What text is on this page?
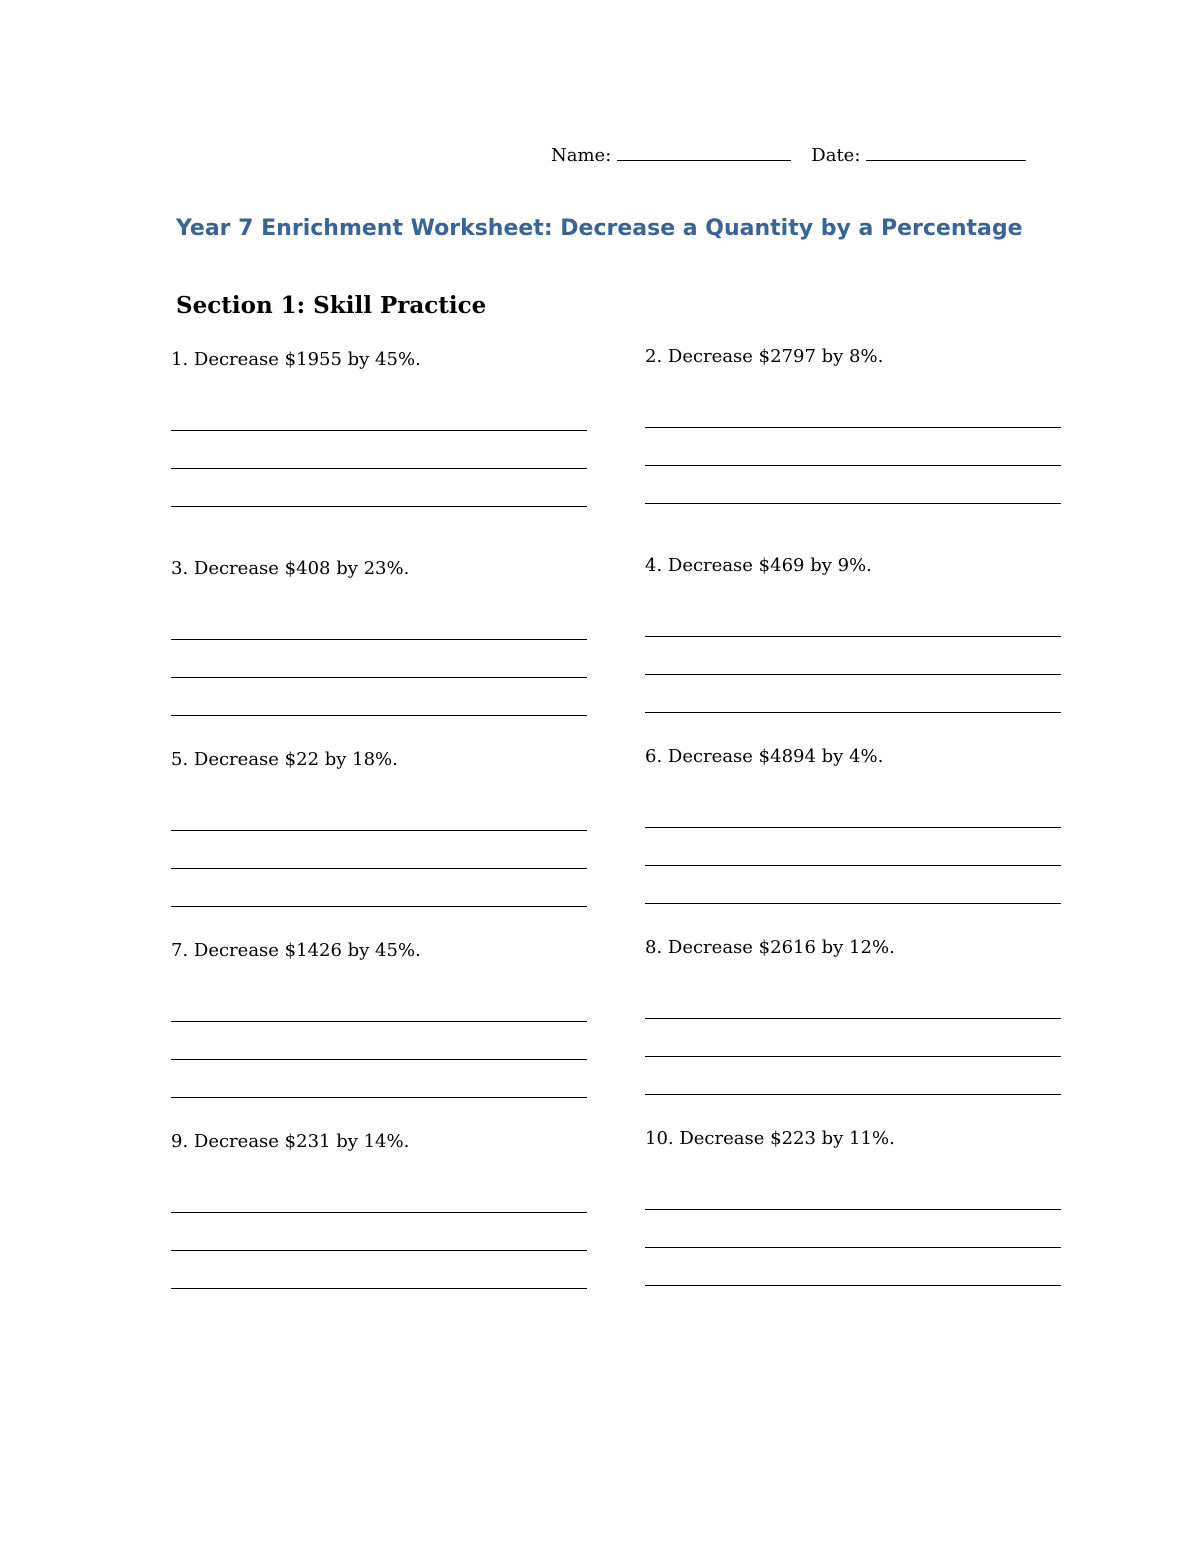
Name:	Date:
Year 7 Enrichment Worksheet: Decrease a Quantity by a Percentage
Section 1: Skill Practice
1. Decrease $1955 by 45%.
3. Decrease $408 by 23%.
5. Decrease $22 by 18%.
7. Decrease $1426 by 45%.
9. Decrease $231 by 14%.
2. Decrease $2797 by 8%.
4. Decrease $469 by 9%.
6. Decrease $4894 by 4%.
8. Decrease $2616 by 12%.
10. Decrease $223 by 11%.
